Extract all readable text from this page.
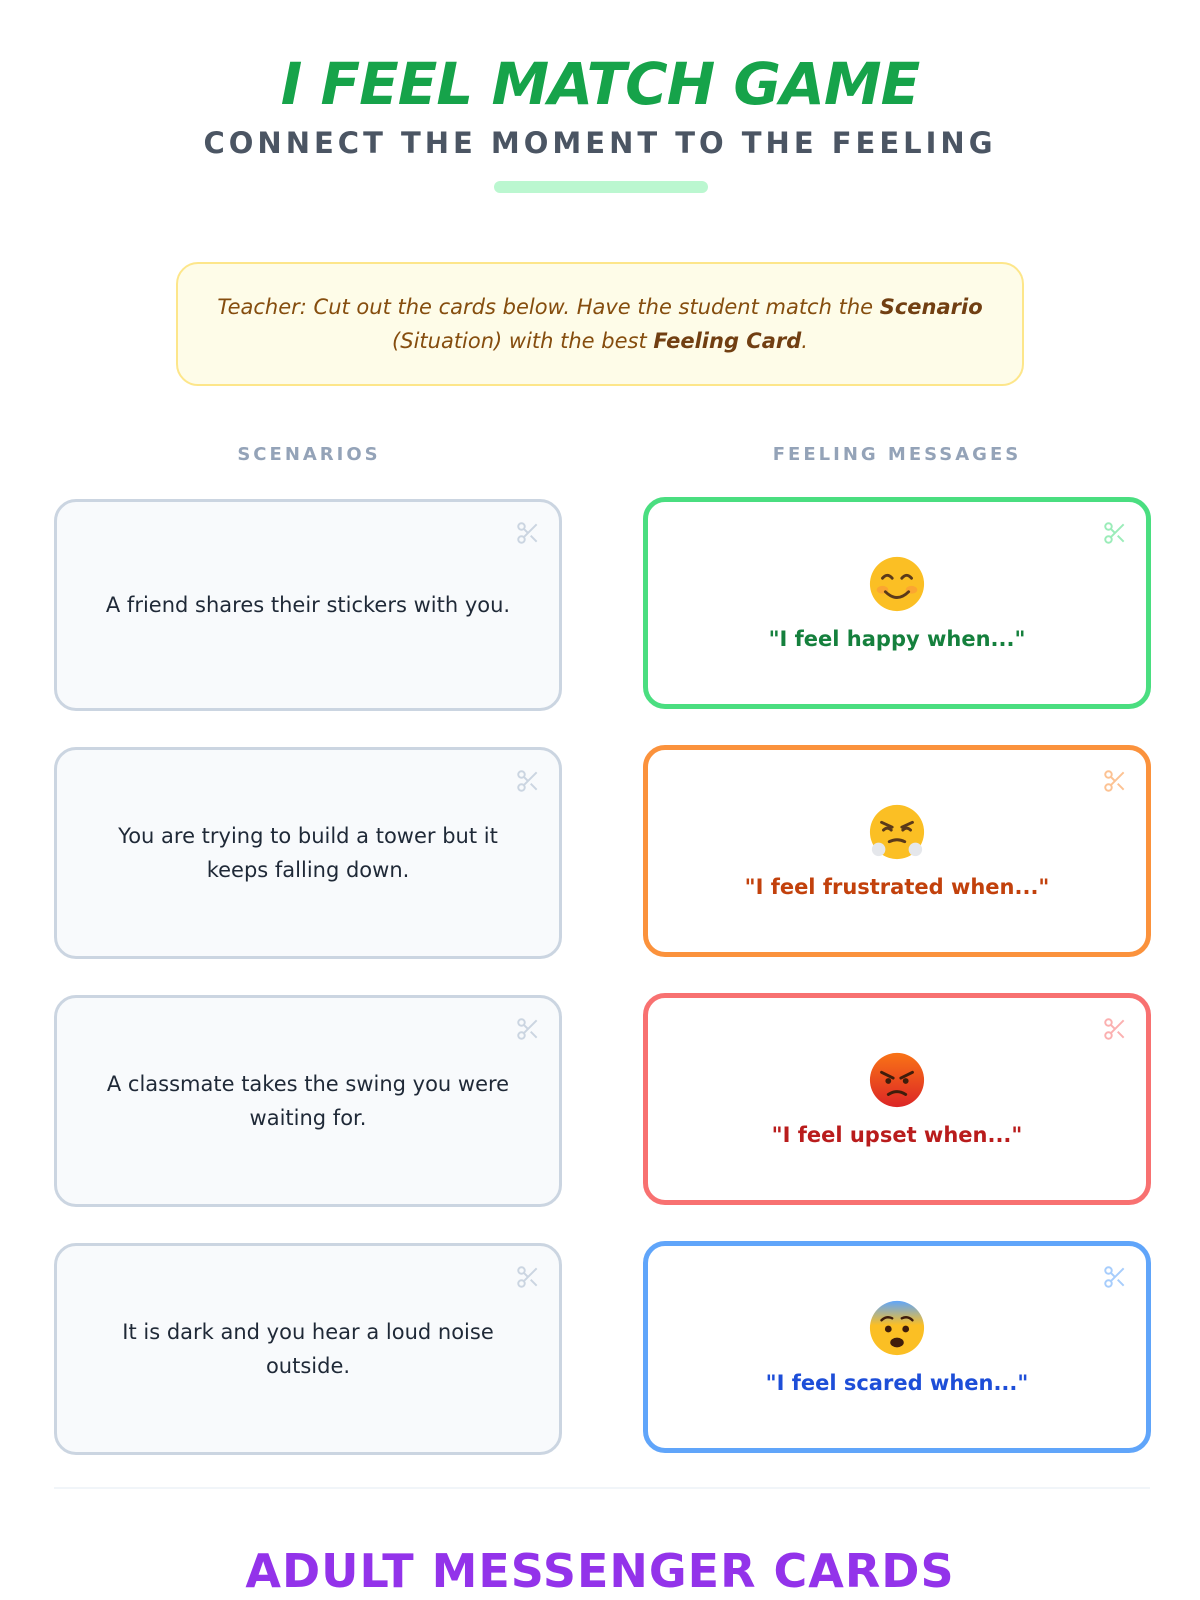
I FEEL MATCH GAME
CONNECT THE MOMENT TO THE FEELING

Teacher: Cut out the cards below. Have the student match the Scenario (Situation) with the best Feeling Card.

SCENARIOS	FEELING MESSAGES
A friend shares their stickers with you.
You are trying to build a tower but it keeps falling down.
A classmate takes the swing you were waiting for.
It is dark and you hear a loud noise outside.
"I feel happy when..."
"I feel frustrated when..."
"I feel upset when..."
"I feel scared when..."
ADULT MESSENGER CARDS
